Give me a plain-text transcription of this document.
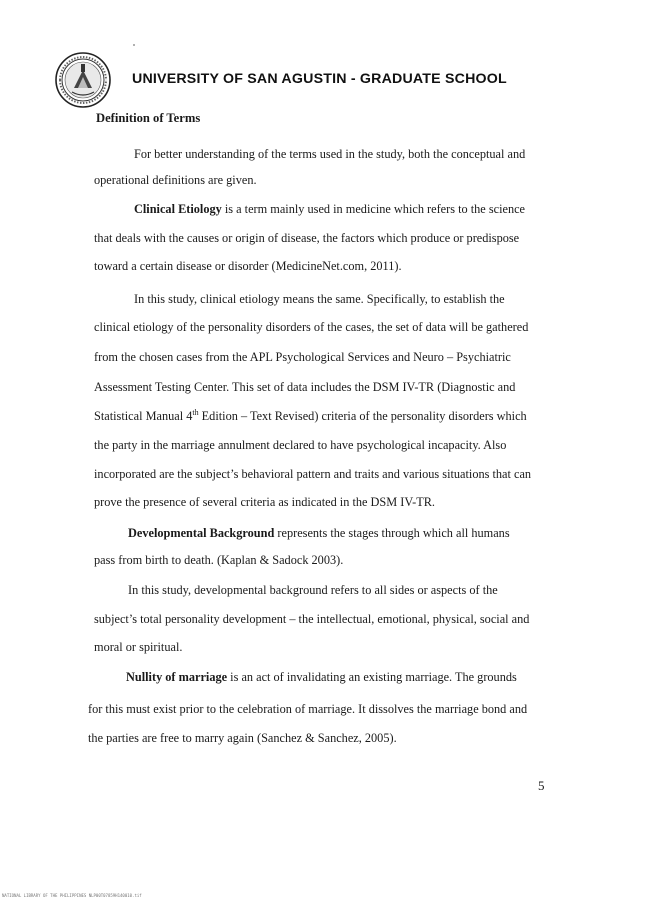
UNIVERSITY OF SAN AGUSTIN - GRADUATE SCHOOL
Definition of Terms
For better understanding of the terms used in the study, both the conceptual and
operational definitions are given.
Clinical Etiology is a term mainly used in medicine which refers to the science
that deals with the causes or origin of disease, the factors which produce or predispose
toward a certain disease or disorder (MedicineNet.com, 2011).
In this study, clinical etiology means the same. Specifically, to establish the
clinical etiology of the personality disorders of the cases, the set of data will be gathered
from the chosen cases from the APL Psychological Services and Neuro – Psychiatric
Assessment Testing Center. This set of data includes the DSM IV-TR (Diagnostic and
Statistical Manual 4th Edition – Text Revised) criteria of the personality disorders which
the party in the marriage annulment declared to have psychological incapacity. Also
incorporated are the subject’s behavioral pattern and traits and various situations that can
prove the presence of several criteria as indicated in the DSM IV-TR.
Developmental Background represents the stages through which all humans
pass from birth to death. (Kaplan & Sadock 2003).
In this study, developmental background refers to all sides or aspects of the
subject’s total personality development – the intellectual, emotional, physical, social and
moral or spiritual.
Nullity of marriage is an act of invalidating an existing marriage. The grounds
for this must exist prior to the celebration of marriage. It dissolves the marriage bond and
the parties are free to marry again (Sanchez & Sanchez, 2005).
5
NATIONAL LIBRARY OF THE PHILIPPINES NLP00T07859H140010.tif
